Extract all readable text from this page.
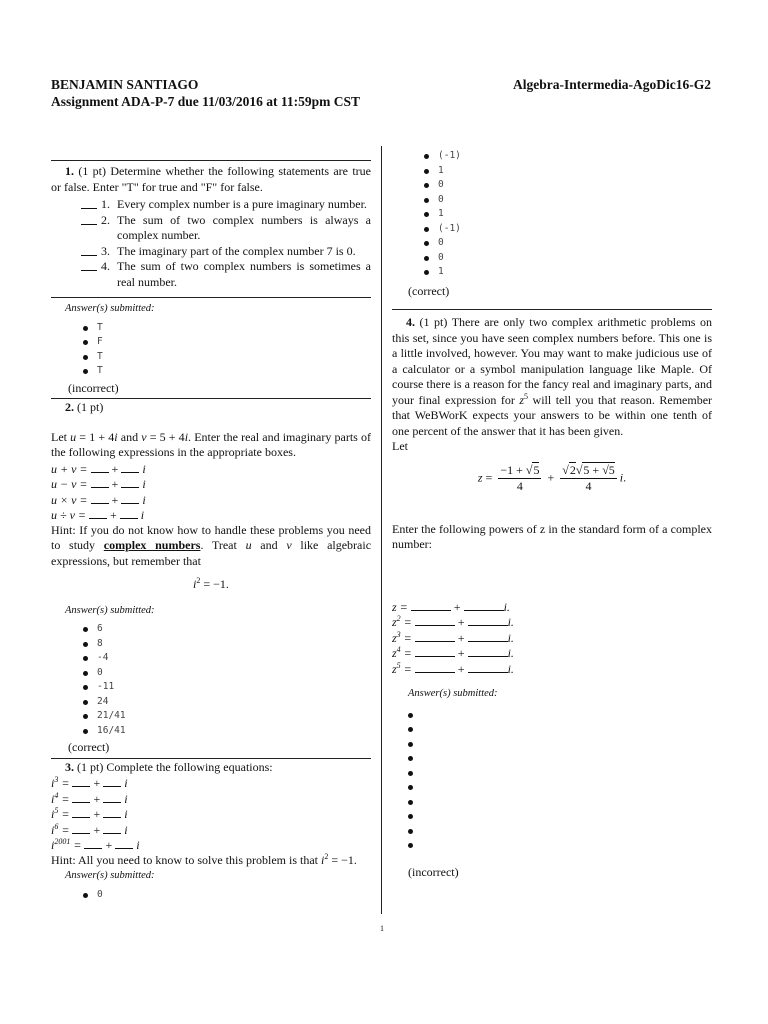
BENJAMIN SANTIAGO
Assignment ADA-P-7 due 11/03/2016 at 11:59pm CST
Algebra-Intermedia-AgoDic16-G2
1. (1 pt) Determine whether the following statements are true or false. Enter "T" for true and "F" for false.
1. Every complex number is a pure imaginary number.
2. The sum of two complex numbers is always a complex number.
3. The imaginary part of the complex number 7 is 0.
4. The sum of two complex numbers is sometimes a real number.
Answer(s) submitted:
T
F
T
T
(incorrect)
2. (1 pt)
Let u = 1 + 4i and v = 5 + 4i. Enter the real and imaginary parts of the following expressions in the appropriate boxes.
u + v =  +  i
u − v =  +  i
u × v =  +  i
u ÷ v =  +  i
Hint: If you do not know how to handle these problems you need to study complex numbers. Treat u and v like algebraic expressions, but remember that
$i^2 = -1$.
Answer(s) submitted:
6
8
-4
0
-11
24
21/41
16/41
(correct)
3. (1 pt) Complete the following equations:
$i^3$ =  +  i
$i^4$ =  +  i
$i^5$ =  +  i
$i^6$ =  +  i
$i^{2001}$ =  +  i
Hint: All you need to know to solve this problem is that $i^2 = -1$.
Answer(s) submitted:
0
(-1)
1
0
0
1
(-1)
0
0
1
(correct)
4. (1 pt) There are only two complex arithmetic problems on this set, since you have seen complex numbers before. This one is a little involved, however. You may want to make judicious use of a calculator or a symbol manipulation language like Maple. Of course there is a reason for the fancy real and imaginary parts, and your final expression for $z^5$ will tell you that reason. Remember that WeBWorK expects your answers to be within one tenth of one percent of the answer that it has been given.
Let
$z = \frac{-1 + √5}{4} + \frac{√2√5 + √5}{4} i$.
Enter the following powers of z in the standard form of a complex number:
z =	+	i.
$z^2$ =	+	i.
$z^3$ =	+	i.
$z^4$ =	+	i.
$z^5$ =	+	i.
Answer(s) submitted:
(incorrect)
1
